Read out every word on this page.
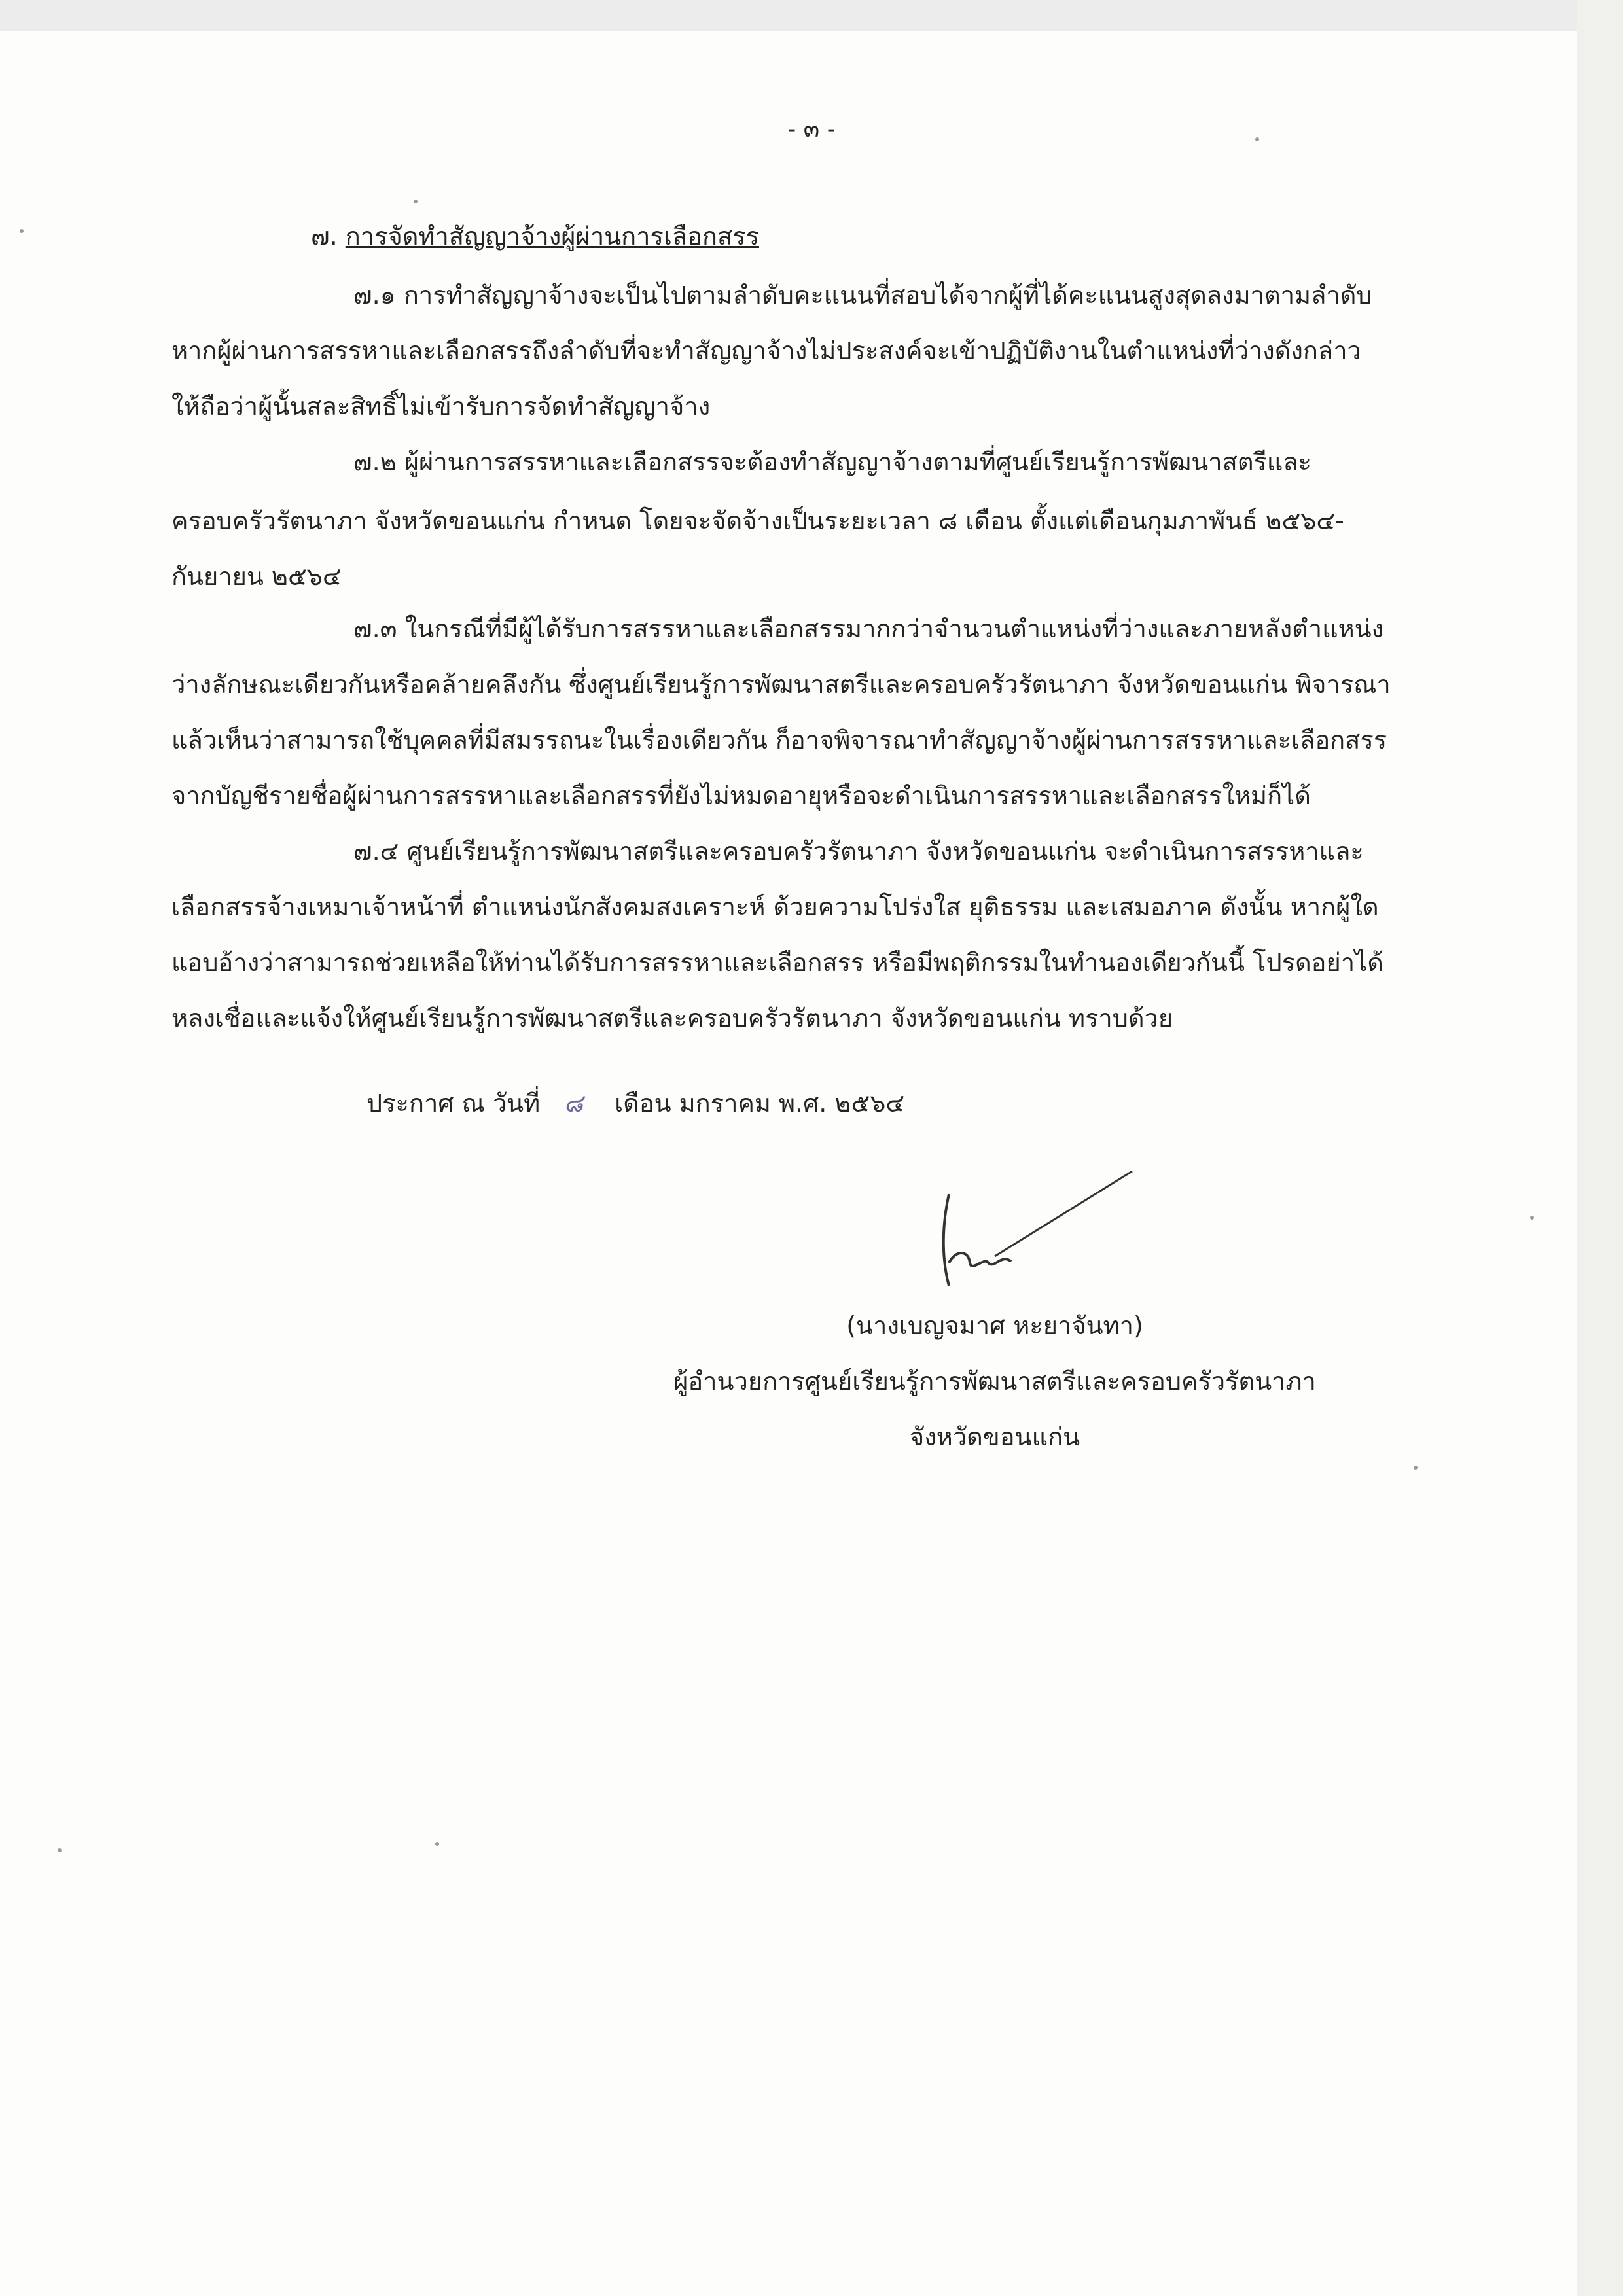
- ๓ -
๗. การจัดทำสัญญาจ้างผู้ผ่านการเลือกสรร
๗.๑ การทำสัญญาจ้างจะเป็นไปตามลำดับคะแนนที่สอบได้จากผู้ที่ได้คะแนนสูงสุดลงมาตามลำดับ
หากผู้ผ่านการสรรหาและเลือกสรรถึงลำดับที่จะทำสัญญาจ้างไม่ประสงค์จะเข้าปฏิบัติงานในตำแหน่งที่ว่างดังกล่าว
ให้ถือว่าผู้นั้นสละสิทธิ์ไม่เข้ารับการจัดทำสัญญาจ้าง
๗.๒ ผู้ผ่านการสรรหาและเลือกสรรจะต้องทำสัญญาจ้างตามที่ศูนย์เรียนรู้การพัฒนาสตรีและ
ครอบครัวรัตนาภา จังหวัดขอนแก่น กำหนด โดยจะจัดจ้างเป็นระยะเวลา ๘ เดือน ตั้งแต่เดือนกุมภาพันธ์ ๒๕๖๔-
กันยายน ๒๕๖๔
๗.๓ ในกรณีที่มีผู้ได้รับการสรรหาและเลือกสรรมากกว่าจำนวนตำแหน่งที่ว่างและภายหลังตำแหน่ง
ว่างลักษณะเดียวกันหรือคล้ายคลึงกัน ซึ่งศูนย์เรียนรู้การพัฒนาสตรีและครอบครัวรัตนาภา จังหวัดขอนแก่น พิจารณา
แล้วเห็นว่าสามารถใช้บุคคลที่มีสมรรถนะในเรื่องเดียวกัน ก็อาจพิจารณาทำสัญญาจ้างผู้ผ่านการสรรหาและเลือกสรร
จากบัญชีรายชื่อผู้ผ่านการสรรหาและเลือกสรรที่ยังไม่หมดอายุหรือจะดำเนินการสรรหาและเลือกสรรใหม่ก็ได้
๗.๔ ศูนย์เรียนรู้การพัฒนาสตรีและครอบครัวรัตนาภา จังหวัดขอนแก่น จะดำเนินการสรรหาและ
เลือกสรรจ้างเหมาเจ้าหน้าที่ ตำแหน่งนักสังคมสงเคราะห์ ด้วยความโปร่งใส ยุติธรรม และเสมอภาค ดังนั้น หากผู้ใด
แอบอ้างว่าสามารถช่วยเหลือให้ท่านได้รับการสรรหาและเลือกสรร หรือมีพฤติกรรมในทำนองเดียวกันนี้ โปรดอย่าได้
หลงเชื่อและแจ้งให้ศูนย์เรียนรู้การพัฒนาสตรีและครอบครัวรัตนาภา จังหวัดขอนแก่น ทราบด้วย
ประกาศ ณ วันที่ ๘ เดือน มกราคม พ.ศ. ๒๕๖๔
(นางเบญจมาศ หะยาจันทา)
ผู้อำนวยการศูนย์เรียนรู้การพัฒนาสตรีและครอบครัวรัตนาภา
จังหวัดขอนแก่น
